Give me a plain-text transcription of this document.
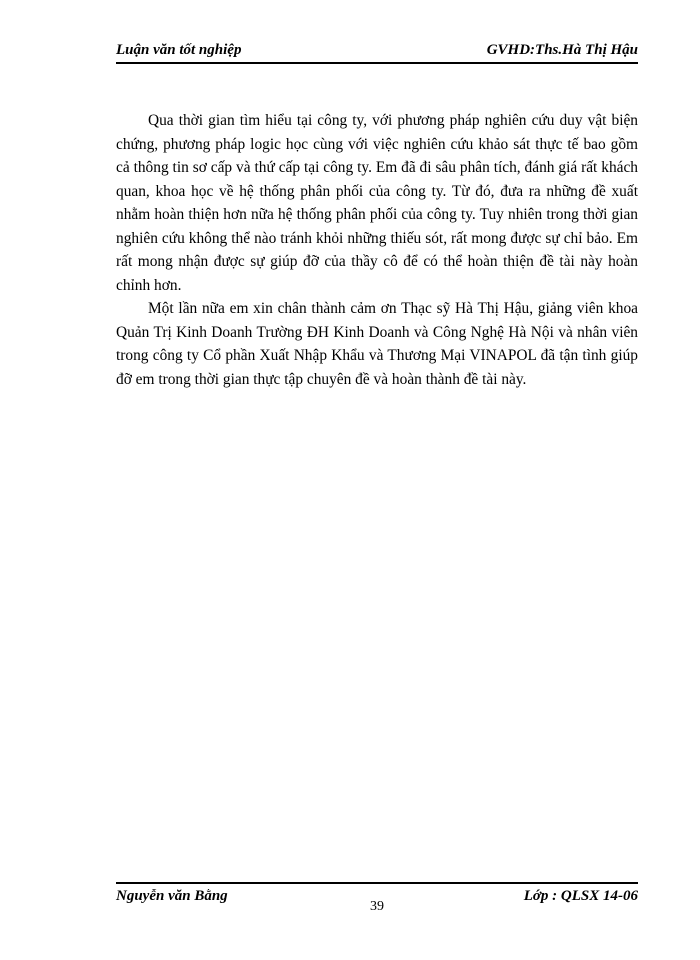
Luận văn tốt nghiệp	GVHD:Ths.Hà Thị Hậu

Qua thời gian tìm hiểu tại công ty, với phương pháp nghiên cứu duy vật biện chứng, phương pháp logic học cùng với việc nghiên cứu khảo sát thực tế bao gồm cả thông tin sơ cấp và thứ cấp tại công ty. Em đã đi sâu phân tích, đánh giá rất khách quan, khoa học về hệ thống phân phối của công ty. Từ đó, đưa ra những đề xuất nhằm hoàn thiện hơn nữa hệ thống phân phối của công ty. Tuy nhiên trong thời gian nghiên cứu không thể nào tránh khỏi những thiếu sót, rất mong được sự chỉ bảo. Em rất mong nhận được sự giúp đỡ của thầy cô để có thể hoàn thiện đề tài này hoàn chỉnh hơn.

Một lần nữa em xin chân thành cảm ơn Thạc sỹ Hà Thị Hậu, giảng viên khoa Quản Trị Kinh Doanh Trường ĐH Kinh Doanh và Công Nghệ Hà Nội và nhân viên trong công ty Cổ phần Xuất Nhập Khẩu và Thương Mại VINAPOL đã tận tình giúp đỡ em trong thời gian thực tập chuyên đề và hoàn thành đề tài này.

Nguyễn văn Bằng
39
Lớp : QLSX 14-06
